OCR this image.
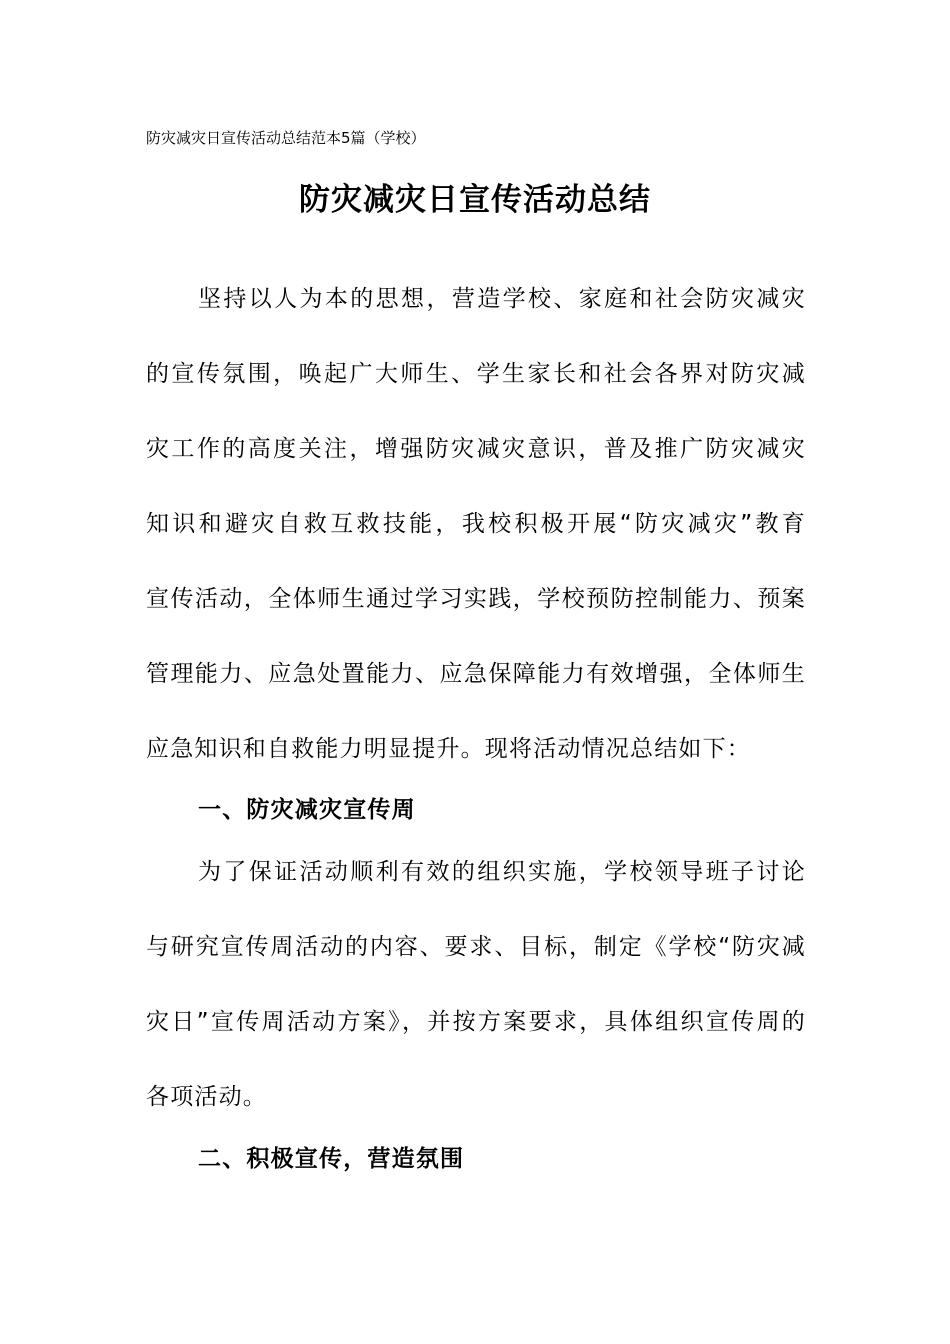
防灾减灾日宣传活动总结范本5篇（学校）
防灾减灾日宣传活动总结
坚持以人为本的思想，营造学校、家庭和社会防灾减灾
的宣传氛围，唤起广大师生、学生家长和社会各界对防灾减
灾工作的高度关注，增强防灾减灾意识，普及推广防灾减灾
知识和避灾自救互救技能，我校积极开展“防灾减灾”教育
宣传活动，全体师生通过学习实践，学校预防控制能力、预案
管理能力、应急处置能力、应急保障能力有效增强，全体师生
应急知识和自救能力明显提升。现将活动情况总结如下：
一、防灾减灾宣传周
为了保证活动顺利有效的组织实施，学校领导班子讨论
与研究宣传周活动的内容、要求、目标，制定《学校“防灾减
灾日”宣传周活动方案》，并按方案要求，具体组织宣传周的
各项活动。
二、积极宣传，营造氛围
